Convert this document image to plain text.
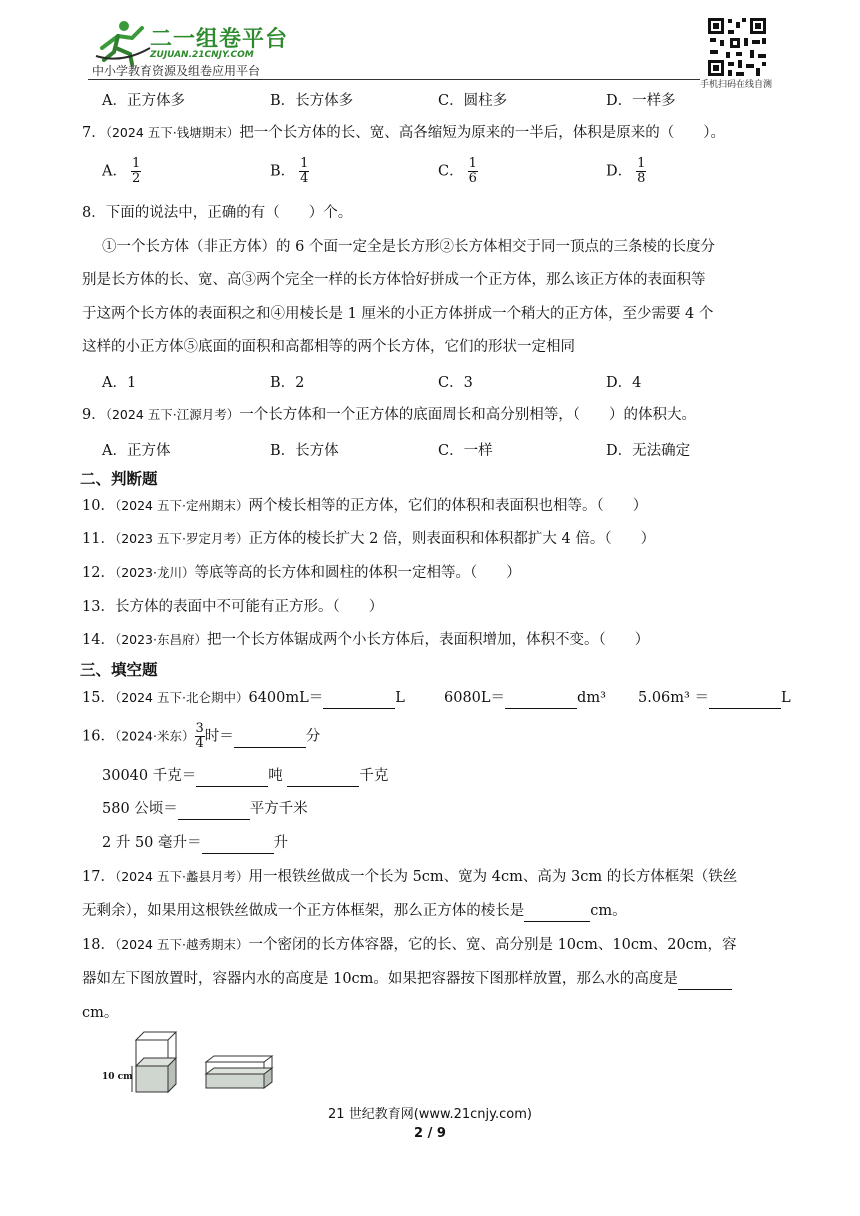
二一组卷平台
ZUJUAN.21CNJY.COM
中小学教育资源及组卷应用平台
手机扫码在线自测
A．正方体多	B．长方体多	C．圆柱多	D．一样多
7．（2024 五下·钱塘期末）把一个长方体的长、宽、高各缩短为原来的一半后，体积是原来的（　　）。
A． $\frac{1}{2}$	B． $\frac{1}{4}$	C． $\frac{1}{6}$	D． $\frac{1}{8}$
8．下面的说法中，正确的有（　　）个。
①一个长方体（非正方体）的 6 个面一定全是长方形②长方体相交于同一顶点的三条棱的长度分
别是长方体的长、宽、高③两个完全一样的长方体恰好拼成一个正方体，那么该正方体的表面积等
于这两个长方体的表面积之和④用棱长是 1 厘米的小正方体拼成一个稍大的正方体，至少需要 4 个
这样的小正方体⑤底面的面积和高都相等的两个长方体，它们的形状一定相同
A．1	B．2	C．3	D．4
9．（2024 五下·江源月考）一个长方体和一个正方体的底面周长和高分别相等，（　　）的体积大。
A．正方体	B．长方体	C．一样	D．无法确定
二、判断题
10．（2024 五下·定州期末）两个棱长相等的正方体，它们的体积和表面积也相等。（　　）
11．（2023 五下·罗定月考）正方体的棱长扩大 2 倍，则表面积和体积都扩大 4 倍。（　　）
12．（2023·龙川）等底等高的长方体和圆柱的体积一定相等。（　　）
13．长方体的表面中不可能有正方形。（　　）
14．（2023·东昌府）把一个长方体锯成两个小长方体后，表面积增加，体积不变。（　　）
三、填空题
15．（2024 五下·北仑期中）6400mL＝	L	6080L＝	dm³ 5.06m³ ＝	L
16．（2024·米东） $\frac{3}{4}$ 时＝	分
30040 千克＝	吨	千克
580 公顷＝	平方千米
2 升 50 毫升＝	升
17．（2024 五下·蠡县月考）用一根铁丝做成一个长为 5cm、宽为 4cm、高为 3cm 的长方体框架（铁丝
无剩余），如果用这根铁丝做成一个正方体框架，那么正方体的棱长是	cm。
18．（2024 五下·越秀期末）一个密闭的长方体容器，它的长、宽、高分别是 10cm、10cm、20cm，容
器如左下图放置时，容器内水的高度是 10cm。如果把容器按下图那样放置，那么水的高度是
cm。
10 cm
21 世纪教育网(www.21cnjy.com)
2 / 9
